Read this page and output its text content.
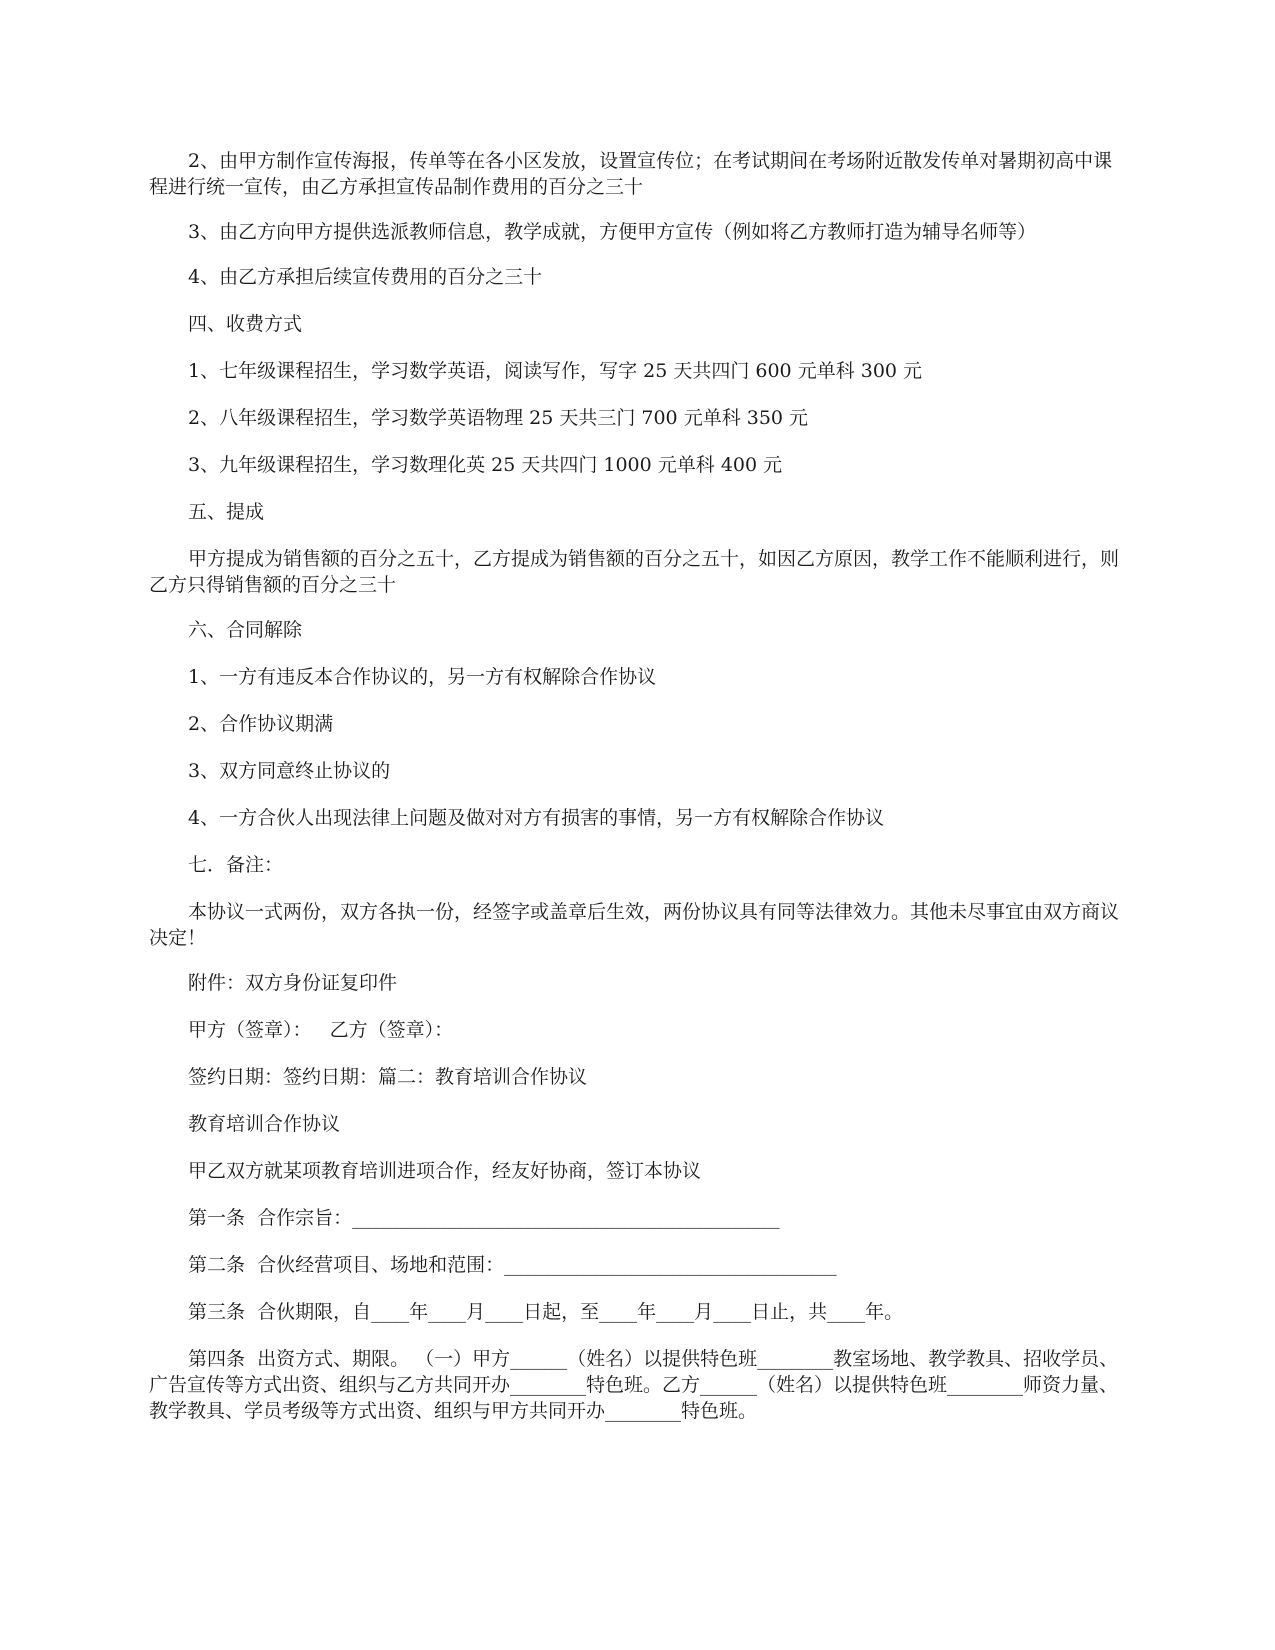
2、由甲方制作宣传海报，传单等在各小区发放，设置宣传位；在考试期间在考场附近散发传单对暑期初高中课程进行统一宣传，由乙方承担宣传品制作费用的百分之三十

3、由乙方向甲方提供选派教师信息，教学成就，方便甲方宣传（例如将乙方教师打造为辅导名师等）

4、由乙方承担后续宣传费用的百分之三十

四、收费方式

1、七年级课程招生，学习数学英语，阅读写作，写字 25 天共四门 600 元单科 300 元

2、八年级课程招生，学习数学英语物理 25 天共三门 700 元单科 350 元

3、九年级课程招生，学习数理化英 25 天共四门 1000 元单科 400 元

五、提成

甲方提成为销售额的百分之五十，乙方提成为销售额的百分之五十，如因乙方原因，教学工作不能顺利进行，则乙方只得销售额的百分之三十

六、合同解除

1、一方有违反本合作协议的，另一方有权解除合作协议

2、合作协议期满

3、双方同意终止协议的

4、一方合伙人出现法律上问题及做对对方有损害的事情，另一方有权解除合作协议

七．备注：

本协议一式两份，双方各执一份，经签字或盖章后生效，两份协议具有同等法律效力。其他未尽事宜由双方商议决定！

附件：双方身份证复印件

甲方（签章）：   乙方（签章）：

签约日期：签约日期：篇二：教育培训合作协议

教育培训合作协议

甲乙双方就某项教育培训进项合作，经友好协商，签订本协议

第一条  合作宗旨：_____________________________________________

第二条  合伙经营项目、场地和范围：___________________________________

第三条  合伙期限，自____年____月____日起，至____年____月____日止，共____年。

第四条  出资方式、期限。 （一）甲方______（姓名）以提供特色班________教室场地、教学教具、招收学员、广告宣传等方式出资、组织与乙方共同开办________特色班。乙方______（姓名）以提供特色班________师资力量、教学教具、学员考级等方式出资、组织与甲方共同开办________特色班。
